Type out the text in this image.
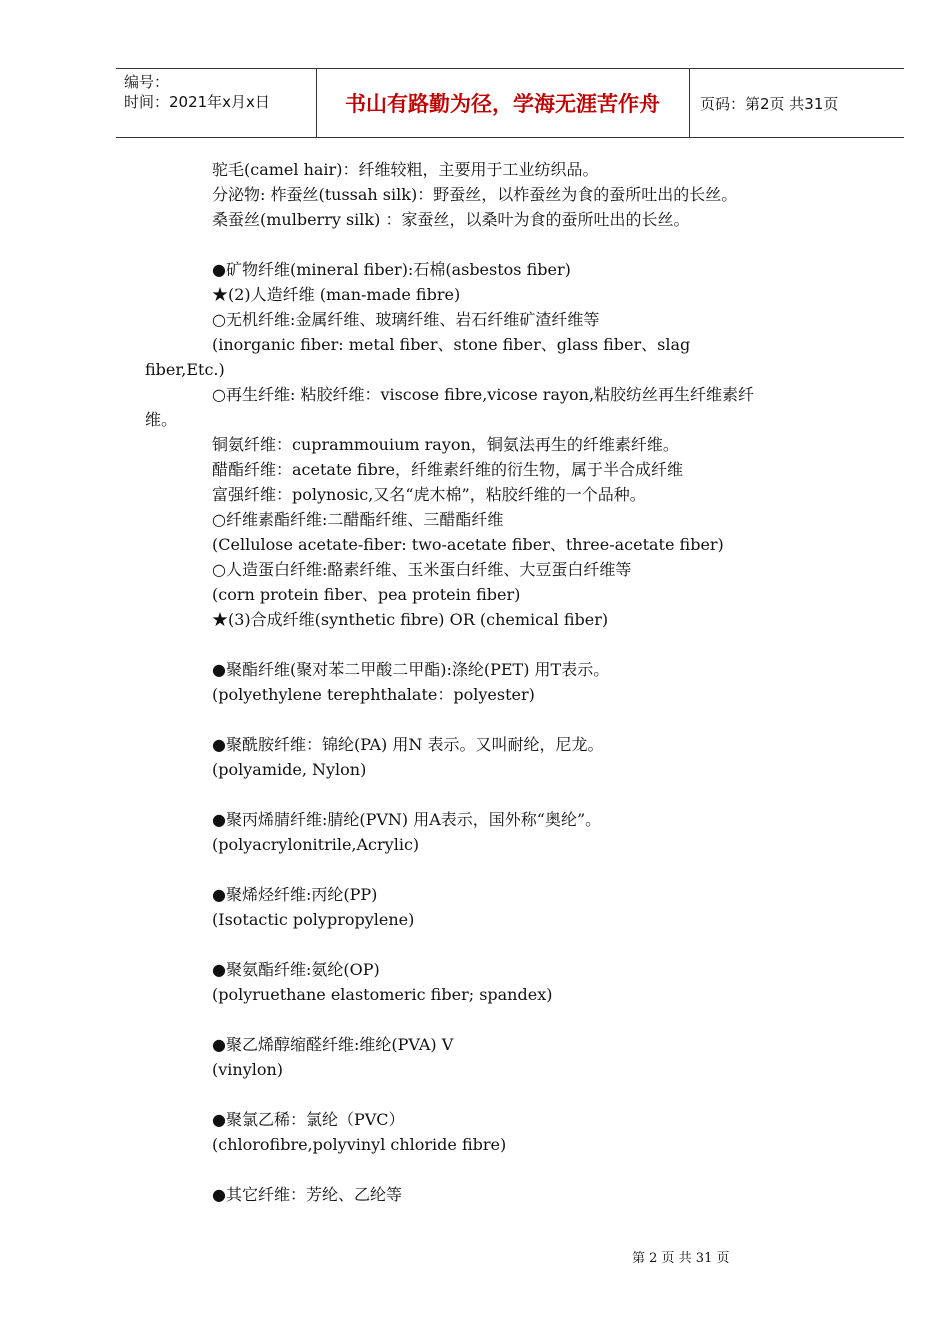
编号：
时间：2021年x月x日	书山有路勤为径，学海无涯苦作舟	页码：第2页 共31页
驼毛(camel hair)：纤维较粗，主要用于工业纺织品。
分泌物: 柞蚕丝(tussah silk)：野蚕丝，以柞蚕丝为食的蚕所吐出的长丝。
桑蚕丝(mulberry silk) ：家蚕丝，以桑叶为食的蚕所吐出的长丝。
●矿物纤维(mineral fiber):石棉(asbestos fiber)
★(2)人造纤维 (man-made fibre)
○无机纤维:金属纤维、玻璃纤维、岩石纤维矿渣纤维等
(inorganic fiber: metal fiber、stone fiber、glass fiber、slag
fiber,Etc.)
○再生纤维: 粘胶纤维：viscose fibre,vicose rayon,粘胶纺丝再生纤维素纤
维。
铜氨纤维：cuprammouium rayon，铜氨法再生的纤维素纤维。
醋酯纤维：acetate fibre，纤维素纤维的衍生物，属于半合成纤维
富强纤维：polynosic,又名“虎木棉”，粘胶纤维的一个品种。
○纤维素酯纤维:二醋酯纤维、三醋酯纤维
(Cellulose acetate-fiber: two-acetate fiber、three-acetate fiber)
○人造蛋白纤维:酪素纤维、玉米蛋白纤维、大豆蛋白纤维等
(corn protein fiber、pea protein fiber)
★(3)合成纤维(synthetic fibre) OR (chemical fiber)
●聚酯纤维(聚对苯二甲酸二甲酯):涤纶(PET) 用T表示。
(polyethylene terephthalate：polyester)
●聚酰胺纤维：锦纶(PA) 用N 表示。又叫耐纶，尼龙。
(polyamide, Nylon)
●聚丙烯腈纤维:腈纶(PVN) 用A表示，国外称“奥纶”。
(polyacrylonitrile,Acrylic)
●聚烯烃纤维:丙纶(PP)
(Isotactic polypropylene)
●聚氨酯纤维:氨纶(OP)
(polyruethane elastomeric fiber; spandex)
●聚乙烯醇缩醛纤维:维纶(PVA) V
(vinylon)
●聚氯乙稀：氯纶（PVC）
(chlorofibre,polyvinyl chloride fibre)
●其它纤维：芳纶、乙纶等
第 2 页 共 31 页
